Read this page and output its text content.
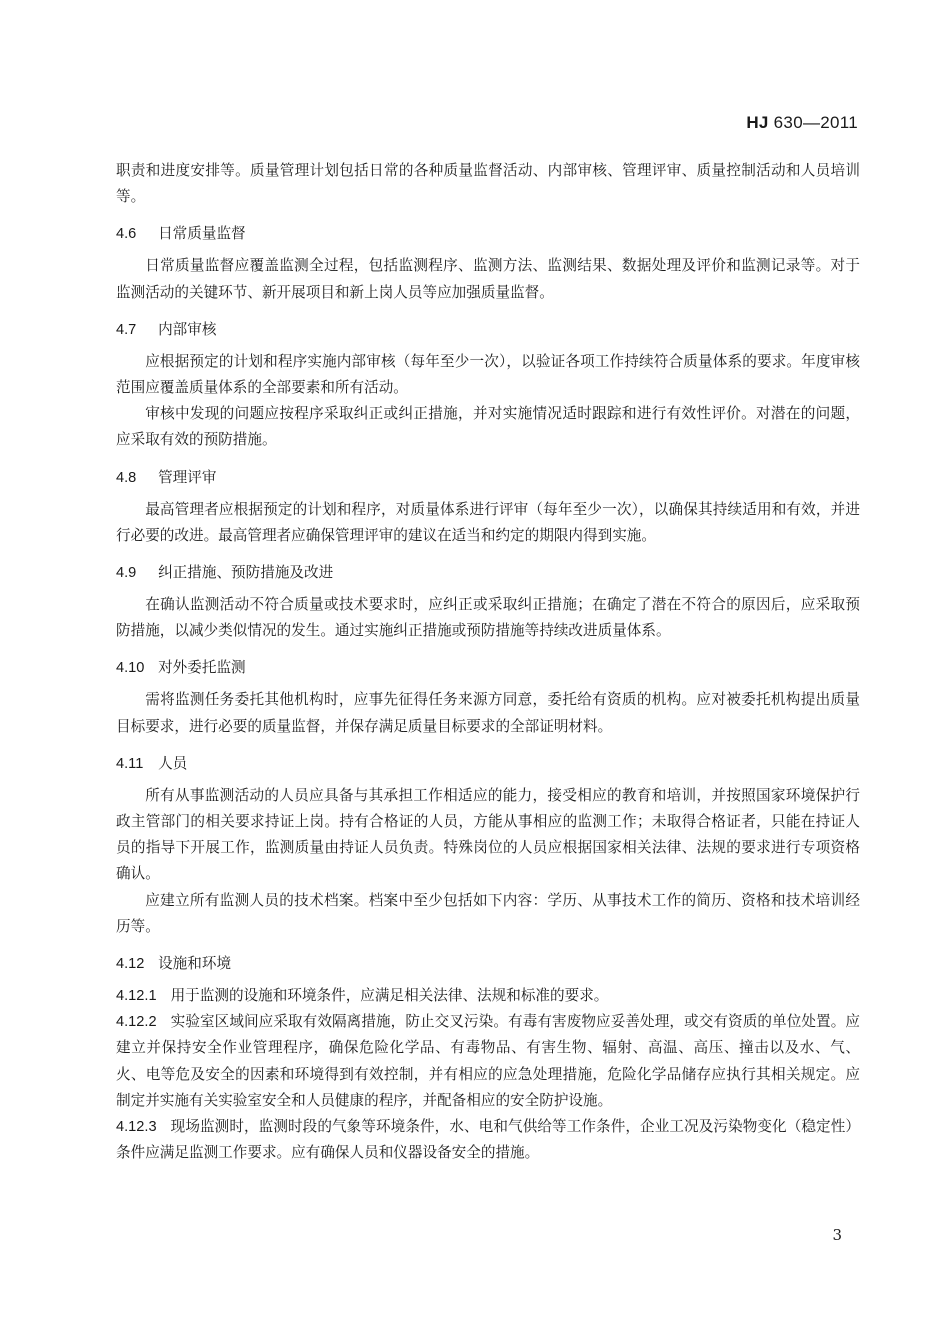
HJ 630—2011

职责和进度安排等。质量管理计划包括日常的各种质量监督活动、内部审核、管理评审、质量控制活动和人员培训等。

4.6 日常质量监督

日常质量监督应覆盖监测全过程，包括监测程序、监测方法、监测结果、数据处理及评价和监测记录等。对于监测活动的关键环节、新开展项目和新上岗人员等应加强质量监督。

4.7 内部审核

应根据预定的计划和程序实施内部审核（每年至少一次），以验证各项工作持续符合质量体系的要求。年度审核范围应覆盖质量体系的全部要素和所有活动。

审核中发现的问题应按程序采取纠正或纠正措施，并对实施情况适时跟踪和进行有效性评价。对潜在的问题，应采取有效的预防措施。

4.8 管理评审

最高管理者应根据预定的计划和程序，对质量体系进行评审（每年至少一次），以确保其持续适用和有效，并进行必要的改进。最高管理者应确保管理评审的建议在适当和约定的期限内得到实施。

4.9 纠正措施、预防措施及改进

在确认监测活动不符合质量或技术要求时，应纠正或采取纠正措施；在确定了潜在不符合的原因后，应采取预防措施，以减少类似情况的发生。通过实施纠正措施或预防措施等持续改进质量体系。

4.10 对外委托监测

需将监测任务委托其他机构时，应事先征得任务来源方同意，委托给有资质的机构。应对被委托机构提出质量目标要求，进行必要的质量监督，并保存满足质量目标要求的全部证明材料。

4.11 人员

所有从事监测活动的人员应具备与其承担工作相适应的能力，接受相应的教育和培训，并按照国家环境保护行政主管部门的相关要求持证上岗。持有合格证的人员，方能从事相应的监测工作；未取得合格证者，只能在持证人员的指导下开展工作，监测质量由持证人员负责。特殊岗位的人员应根据国家相关法律、法规的要求进行专项资格确认。

应建立所有监测人员的技术档案。档案中至少包括如下内容：学历、从事技术工作的简历、资格和技术培训经历等。

4.12 设施和环境

4.12.1 用于监测的设施和环境条件，应满足相关法律、法规和标准的要求。

4.12.2 实验室区域间应采取有效隔离措施，防止交叉污染。有毒有害废物应妥善处理，或交有资质的单位处置。应建立并保持安全作业管理程序，确保危险化学品、有毒物品、有害生物、辐射、高温、高压、撞击以及水、气、火、电等危及安全的因素和环境得到有效控制，并有相应的应急处理措施，危险化学品储存应执行其相关规定。应制定并实施有关实验室安全和人员健康的程序，并配备相应的安全防护设施。

4.12.3 现场监测时，监测时段的气象等环境条件，水、电和气供给等工作条件，企业工况及污染物变化（稳定性）条件应满足监测工作要求。应有确保人员和仪器设备安全的措施。

3
